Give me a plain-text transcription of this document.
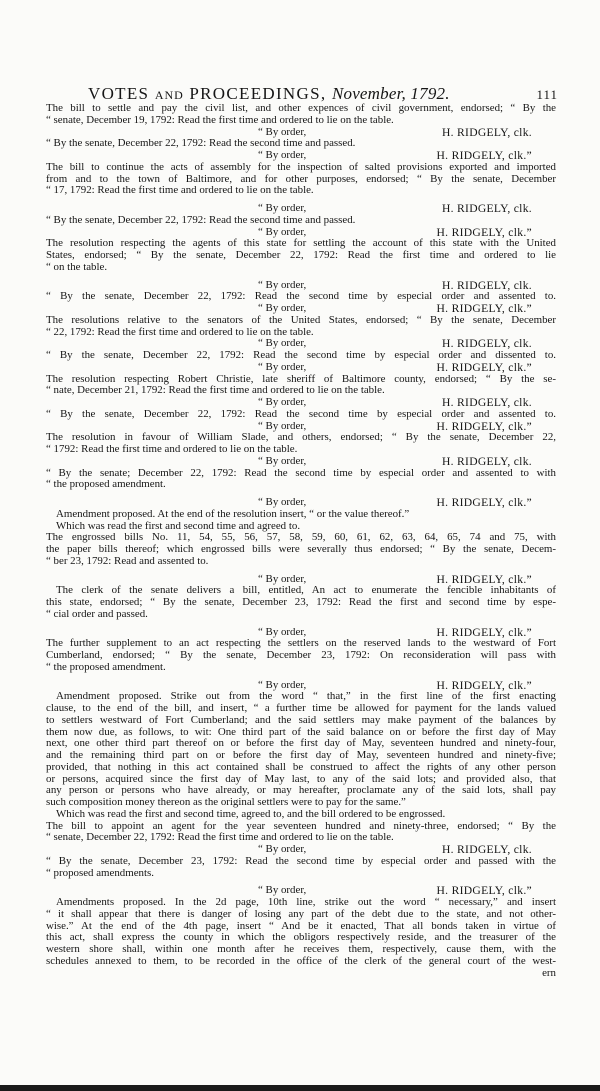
VOTES AND PROCEEDINGS, November, 1792.	111
The bill to settle and pay the civil list, and other expences of civil government, endorsed; “ By the
“ senate, December 19, 1792: Read the first time and ordered to lie on the table.
“ By order,	H. RIDGELY, clk.
“ By the senate, December 22, 1792: Read the second time and passed.
“ By order,	H. RIDGELY, clk.”
The bill to continue the acts of assembly for the inspection of salted provisions exported and imported
from and to the town of Baltimore, and for other purposes, endorsed; “ By the senate, December
“ 17, 1792: Read the first time and ordered to lie on the table.
“ By order,	H. RIDGELY, clk.
“ By the senate, December 22, 1792: Read the second time and passed.
“ By order,	H. RIDGELY, clk.”
The resolution respecting the agents of this state for settling the account of this state with the United
States, endorsed; “ By the senate, December 22, 1792: Read the first time and ordered to lie
“ on the table.
“ By order,	H. RIDGELY, clk.
“ By the senate, December 22, 1792: Read the second time by especial order and assented to.
“ By order,	H. RIDGELY, clk.”
The resolutions relative to the senators of the United States, endorsed; “ By the senate, December
“ 22, 1792: Read the first time and ordered to lie on the table.
“ By order,	H. RIDGELY, clk.
“ By the senate, December 22, 1792: Read the second time by especial order and dissented to.
“ By order,	H. RIDGELY, clk.”
The resolution respecting Robert Christie, late sheriff of Baltimore county, endorsed; “ By the se-
“ nate, December 21, 1792: Read the first time and ordered to lie on the table.
“ By order,	H. RIDGELY, clk.
“ By the senate, December 22, 1792: Read the second time by especial order and assented to.
“ By order,	H. RIDGELY, clk.”
The resolution in favour of William Slade, and others, endorsed; “ By the senate, December 22,
“ 1792: Read the first time and ordered to lie on the table.
“ By order,	H. RIDGELY, clk.
“ By the senate; December 22, 1792: Read the second time by especial order and assented to with
“ the proposed amendment.
“ By order,	H. RIDGELY, clk.”
Amendment proposed. At the end of the resolution insert, “ or the value thereof.”
Which was read the first and second time and agreed to.
The engrossed bills No. 11, 54, 55, 56, 57, 58, 59, 60, 61, 62, 63, 64, 65, 74 and 75, with
the paper bills thereof; which engrossed bills were severally thus endorsed; “ By the senate, Decem-
“ ber 23, 1792: Read and assented to.
“ By order,	H. RIDGELY, clk.”
The clerk of the senate delivers a bill, entitled, An act to enumerate the fencible inhabitants of
this state, endorsed; “ By the senate, December 23, 1792: Read the first and second time by espe-
“ cial order and passed.
“ By order,	H. RIDGELY, clk.”
The further supplement to an act respecting the settlers on the reserved lands to the westward of Fort
Cumberland, endorsed; “ By the senate, December 23, 1792: On reconsideration will pass with
“ the proposed amendment.
“ By order,	H. RIDGELY, clk.”
Amendment proposed. Strike out from the word “ that,” in the first line of the first enacting
clause, to the end of the bill, and insert, “ a further time be allowed for payment for the lands valued
to settlers westward of Fort Cumberland; and the said settlers may make payment of the balances by
them now due, as follows, to wit: One third part of the said balance on or before the first day of May
next, one other third part thereof on or before the first day of May, seventeen hundred and ninety-four,
and the remaining third part on or before the first day of May, seventeen hundred and ninety-five;
provided, that nothing in this act contained shall be construed to affect the rights of any other person
or persons, acquired since the first day of May last, to any of the said lots; and provided also, that
any person or persons who have already, or may hereafter, proclamate any of the said lots, shall pay
such composition money thereon as the original settlers were to pay for the same.”
Which was read the first and second time, agreed to, and the bill ordered to be engrossed.
The bill to appoint an agent for the year seventeen hundred and ninety-three, endorsed; “ By the
“ senate, December 22, 1792: Read the first time and ordered to lie on the table.
“ By order,	H. RIDGELY, clk.
“ By the senate, December 23, 1792: Read the second time by especial order and passed with the
“ proposed amendments.
“ By order,	H. RIDGELY, clk.”
Amendments proposed. In the 2d page, 10th line, strike out the word “ necessary,” and insert
“ it shall appear that there is danger of losing any part of the debt due to the state, and not other-
wise.” At the end of the 4th page, insert “ And be it enacted, That all bonds taken in virtue of
this act, shall express the county in which the obligors respectively reside, and the treasurer of the
western shore shall, within one month after he receives them, respectively, cause them, with the
schedules annexed to them, to be recorded in the office of the clerk of the general court of the west-
ern
